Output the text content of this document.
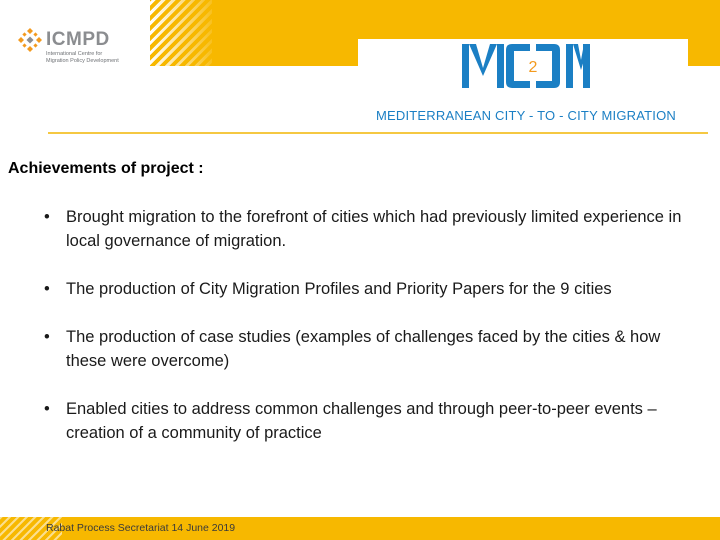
ICMPD
International Centre for
Migration Policy Development	2
MEDITERRANEAN CITY - TO - CITY MIGRATION
Achievements of project :
• Brought migration to the forefront of cities which had previously limited experience in local governance of migration.
• The production of City Migration Profiles and Priority Papers for the 9 cities
• The production of case studies (examples of challenges faced by the cities & how these were overcome)
• Enabled cities to address common challenges and through peer-to-peer events –creation of a community of practice
Rabat Process Secretariat 14 June 2019
